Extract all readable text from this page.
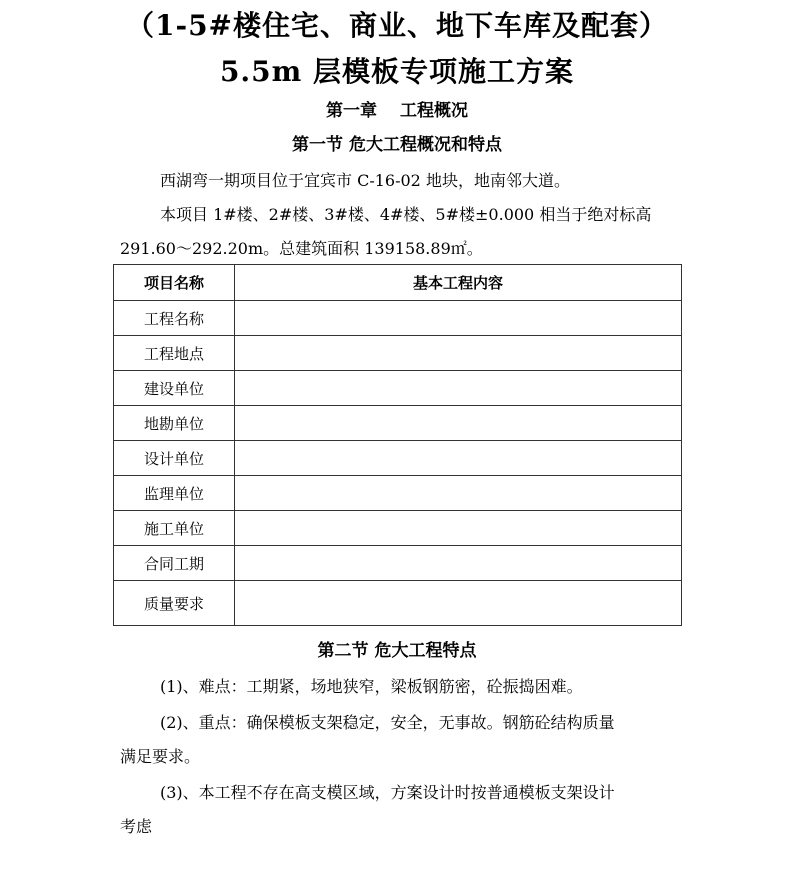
（1-5#楼住宅、商业、地下车库及配套）
5.5m 层模板专项施工方案
第一章　 工程概况
第一节 危大工程概况和特点
西湖弯一期项目位于宜宾市 C-16-02 地块，地南邻大道。
本项目 1#楼、2#楼、3#楼、4#楼、5#楼±0.000 相当于绝对标高
291.60～292.20m。总建筑面积 139158.89㎡。
项目名称	基本工程内容
工程名称	
工程地点	
建设单位	
地勘单位	
设计单位	
监理单位	
施工单位	
合同工期	
质量要求	
第二节 危大工程特点
(1)、难点：工期紧，场地狭窄，梁板钢筋密，砼振捣困难。
(2)、重点：确保模板支架稳定，安全，无事故。钢筋砼结构质量
满足要求。
(3)、本工程不存在高支模区域，方案设计时按普通模板支架设计
考虑
